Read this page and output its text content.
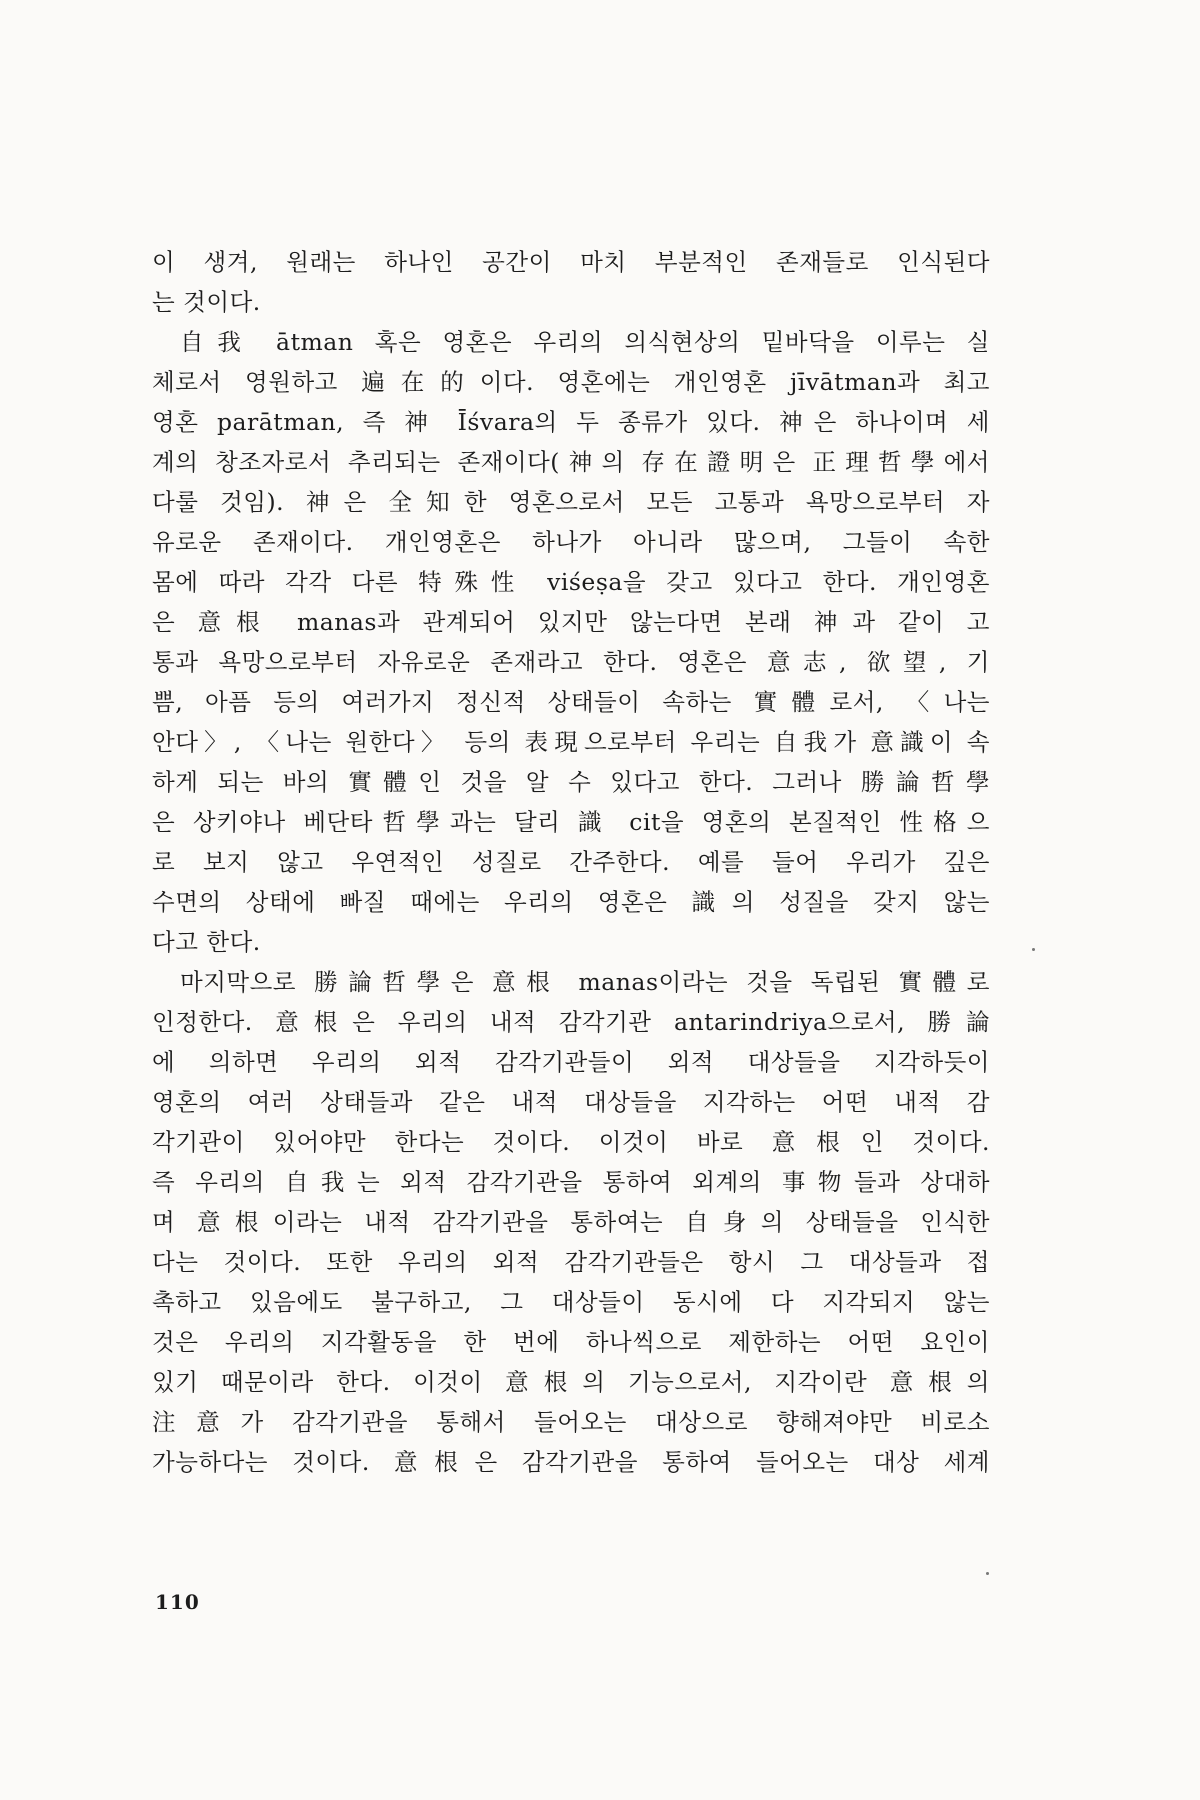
이 생겨, 원래는 하나인 공간이 마치 부분적인 존재들로 인식된다
는 것이다.
自我 ātman 혹은 영혼은 우리의 의식현상의 밑바닥을 이루는 실
체로서 영원하고 遍在的이다. 영혼에는 개인영혼 jīvātman과 최고
영혼 parātman, 즉 神 Īśvara의 두 종류가 있다. 神은 하나이며 세
계의 창조자로서 추리되는 존재이다(神의 存在證明은 正理哲學에서
다룰 것임). 神은 全知한 영혼으로서 모든 고통과 욕망으로부터 자
유로운 존재이다. 개인영혼은 하나가 아니라 많으며, 그들이 속한
몸에 따라 각각 다른 特殊性 viśeṣa을 갖고 있다고 한다. 개인영혼
은 意根 manas과 관계되어 있지만 않는다면 본래 神과 같이 고
통과 욕망으로부터 자유로운 존재라고 한다. 영혼은 意志, 欲望, 기
쁨, 아픔 등의 여러가지 정신적 상태들이 속하는 實體로서, 〈나는
안다〉, 〈나는 원한다〉 등의 表現으로부터 우리는 自我가 意識이 속
하게 되는 바의 實體인 것을 알 수 있다고 한다. 그러나 勝論哲學
은 상키야나 베단타哲學과는 달리 識 cit을 영혼의 본질적인 性格으
로 보지 않고 우연적인 성질로 간주한다. 예를 들어 우리가 깊은
수면의 상태에 빠질 때에는 우리의 영혼은 識의 성질을 갖지 않는
다고 한다.
마지막으로 勝論哲學은 意根 manas이라는 것을 독립된 實體로
인정한다. 意根은 우리의 내적 감각기관 antarindriya으로서, 勝論
에 의하면 우리의 외적 감각기관들이 외적 대상들을 지각하듯이
영혼의 여러 상태들과 같은 내적 대상들을 지각하는 어떤 내적 감
각기관이 있어야만 한다는 것이다. 이것이 바로 意根인 것이다.
즉 우리의 自我는 외적 감각기관을 통하여 외계의 事物들과 상대하
며 意根이라는 내적 감각기관을 통하여는 自身의 상태들을 인식한
다는 것이다. 또한 우리의 외적 감각기관들은 항시 그 대상들과 접
촉하고 있음에도 불구하고, 그 대상들이 동시에 다 지각되지 않는
것은 우리의 지각활동을 한 번에 하나씩으로 제한하는 어떤 요인이
있기 때문이라 한다. 이것이 意根의 기능으로서, 지각이란 意根의
注意가 감각기관을 통해서 들어오는 대상으로 향해져야만 비로소
가능하다는 것이다. 意根은 감각기관을 통하여 들어오는 대상 세계
110
